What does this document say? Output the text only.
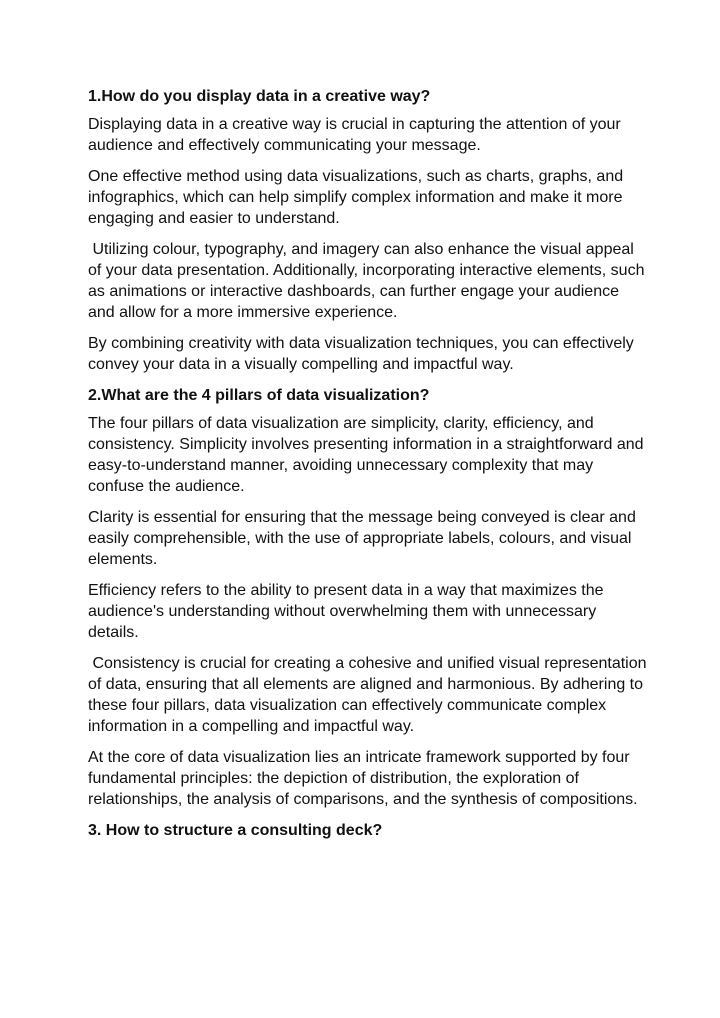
1.How do you display data in a creative way?

Displaying data in a creative way is crucial in capturing the attention of your audience and effectively communicating your message.

One effective method using data visualizations, such as charts, graphs, and infographics, which can help simplify complex information and make it more engaging and easier to understand.

Utilizing colour, typography, and imagery can also enhance the visual appeal of your data presentation. Additionally, incorporating interactive elements, such as animations or interactive dashboards, can further engage your audience and allow for a more immersive experience.

By combining creativity with data visualization techniques, you can effectively convey your data in a visually compelling and impactful way.

2.What are the 4 pillars of data visualization?

The four pillars of data visualization are simplicity, clarity, efficiency, and consistency. Simplicity involves presenting information in a straightforward and easy-to-understand manner, avoiding unnecessary complexity that may confuse the audience.

Clarity is essential for ensuring that the message being conveyed is clear and easily comprehensible, with the use of appropriate labels, colours, and visual elements.

Efficiency refers to the ability to present data in a way that maximizes the audience's understanding without overwhelming them with unnecessary details.

Consistency is crucial for creating a cohesive and unified visual representation of data, ensuring that all elements are aligned and harmonious. By adhering to these four pillars, data visualization can effectively communicate complex information in a compelling and impactful way.

At the core of data visualization lies an intricate framework supported by four fundamental principles: the depiction of distribution, the exploration of relationships, the analysis of comparisons, and the synthesis of compositions.

3. How to structure a consulting deck?
